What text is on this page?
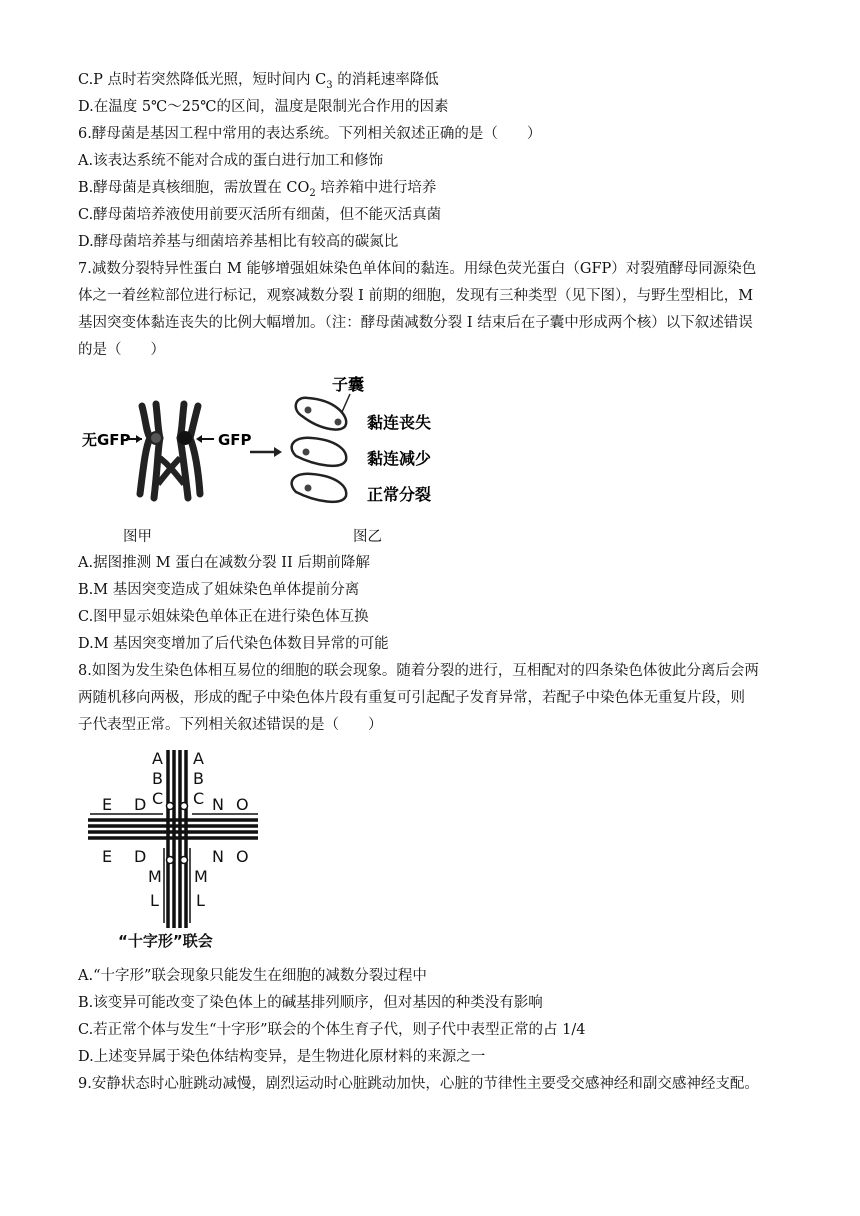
C.P 点时若突然降低光照，短时间内 $C_3$ 的消耗速率降低
D.在温度 5℃～25℃的区间，温度是限制光合作用的因素
6.酵母菌是基因工程中常用的表达系统。下列相关叙述正确的是（　　）
A.该表达系统不能对合成的蛋白进行加工和修饰
B.酵母菌是真核细胞，需放置在 $CO_2$ 培养箱中进行培养
C.酵母菌培养液使用前要灭活所有细菌，但不能灭活真菌
D.酵母菌培养基与细菌培养基相比有较高的碳氮比
7.减数分裂特异性蛋白 M 能够增强姐妹染色单体间的黏连。用绿色荧光蛋白（GFP）对裂殖酵母同源染色
体之一着丝粒部位进行标记，观察减数分裂 I 前期的细胞，发现有三种类型（见下图），与野生型相比，M
基因突变体黏连丧失的比例大幅增加。（注：酵母菌减数分裂 I 结束后在子囊中形成两个核）以下叙述错误
的是（　　）
无GFP	GFP
子囊
黏连丧失
黏连减少
正常分裂
图甲	图乙
A.据图推测 M 蛋白在减数分裂 II 后期前降解
B.M 基因突变造成了姐妹染色单体提前分离
C.图甲显示姐妹染色单体正在进行染色体互换
D.M 基因突变增加了后代染色体数目异常的可能
8.如图为发生染色体相互易位的细胞的联会现象。随着分裂的进行，互相配对的四条染色体彼此分离后会两
两随机移向两极，形成的配子中染色体片段有重复可引起配子发育异常，若配子中染色体无重复片段，则
子代表型正常。下列相关叙述错误的是（　　）
A A
B B
C C
E D	N O
E D	N O
M M
L L
“十字形”联会
A.“十字形”联会现象只能发生在细胞的减数分裂过程中
B.该变异可能改变了染色体上的碱基排列顺序，但对基因的种类没有影响
C.若正常个体与发生“十字形”联会的个体生育子代，则子代中表型正常的占 1/4
D.上述变异属于染色体结构变异，是生物进化原材料的来源之一
9.安静状态时心脏跳动减慢，剧烈运动时心脏跳动加快，心脏的节律性主要受交感神经和副交感神经支配。
